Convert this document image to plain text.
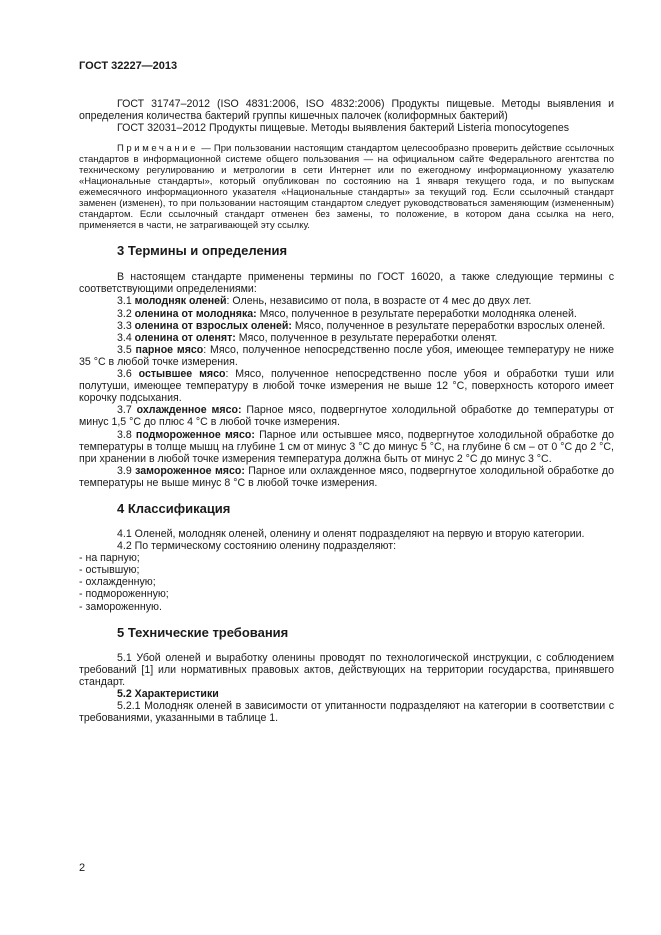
ГОСТ 32227—2013

ГОСТ 31747–2012 (ISO 4831:2006, ISO 4832:2006) Продукты пищевые. Методы выявления и определения количества бактерий группы кишечных палочек (колиформных бактерий)

ГОСТ 32031–2012 Продукты пищевые. Методы выявления бактерий Listeria monocytogenes

Примечание — При пользовании настоящим стандартом целесообразно проверить действие ссылочных стандартов в информационной системе общего пользования — на официальном сайте Федерального агентства по техническому регулированию и метрологии в сети Интернет или по ежегодному информационному указателю «Национальные стандарты», который опубликован по состоянию на 1 января текущего года, и по выпускам ежемесячного информационного указателя «Национальные стандарты» за текущий год. Если ссылочный стандарт заменен (изменен), то при пользовании настоящим стандартом следует руководствоваться заменяющим (измененным) стандартом. Если ссылочный стандарт отменен без замены, то положение, в котором дана ссылка на него, применяется в части, не затрагивающей эту ссылку.

3 Термины и определения

В настоящем стандарте применены термины по ГОСТ 16020, а также следующие термины с соответствующими определениями:

3.1 молодняк оленей: Олень, независимо от пола, в возрасте от 4 мес до двух лет.

3.2 оленина от молодняка: Мясо, полученное в результате переработки молодняка оленей.

3.3 оленина от взрослых оленей: Мясо, полученное в результате переработки взрослых оленей.

3.4 оленина от оленят: Мясо, полученное в результате переработки оленят.

3.5 парное мясо: Мясо, полученное непосредственно после убоя, имеющее температуру не ниже 35 °С в любой точке измерения.

3.6 остывшее мясо: Мясо, полученное непосредственно после убоя и обработки туши или полутуши, имеющее температуру в любой точке измерения не выше 12 °С, поверхность которого имеет корочку подсыхания.

3.7 охлажденное мясо: Парное мясо, подвергнутое холодильной обработке до температуры от минус 1,5 °С до плюс 4 °С в любой точке измерения.

3.8 подмороженное мясо: Парное или остывшее мясо, подвергнутое холодильной обработке до температуры в толще мышц на глубине 1 см от минус 3 °С до минус 5 °С, на глубине 6 см – от 0 °С до 2 °С, при хранении в любой точке измерения температура должна быть от минус 2 °С до минус 3 °С.

3.9 замороженное мясо: Парное или охлажденное мясо, подвергнутое холодильной обработке до температуры не выше минус 8 °С в любой точке измерения.

4 Классификация

4.1 Оленей, молодняк оленей, оленину и оленят подразделяют на первую и вторую категории.

4.2 По термическому состоянию оленину подразделяют:

- на парную;

- остывшую;

- охлажденную;

- подмороженную;

- замороженную.

5 Технические требования

5.1 Убой оленей и выработку оленины проводят по технологической инструкции, с соблюдением требований [1] или нормативных правовых актов, действующих на территории государства, принявшего стандарт.

5.2 Характеристики

5.2.1 Молодняк оленей в зависимости от упитанности подразделяют на категории в соответствии с требованиями, указанными в таблице 1.

2
